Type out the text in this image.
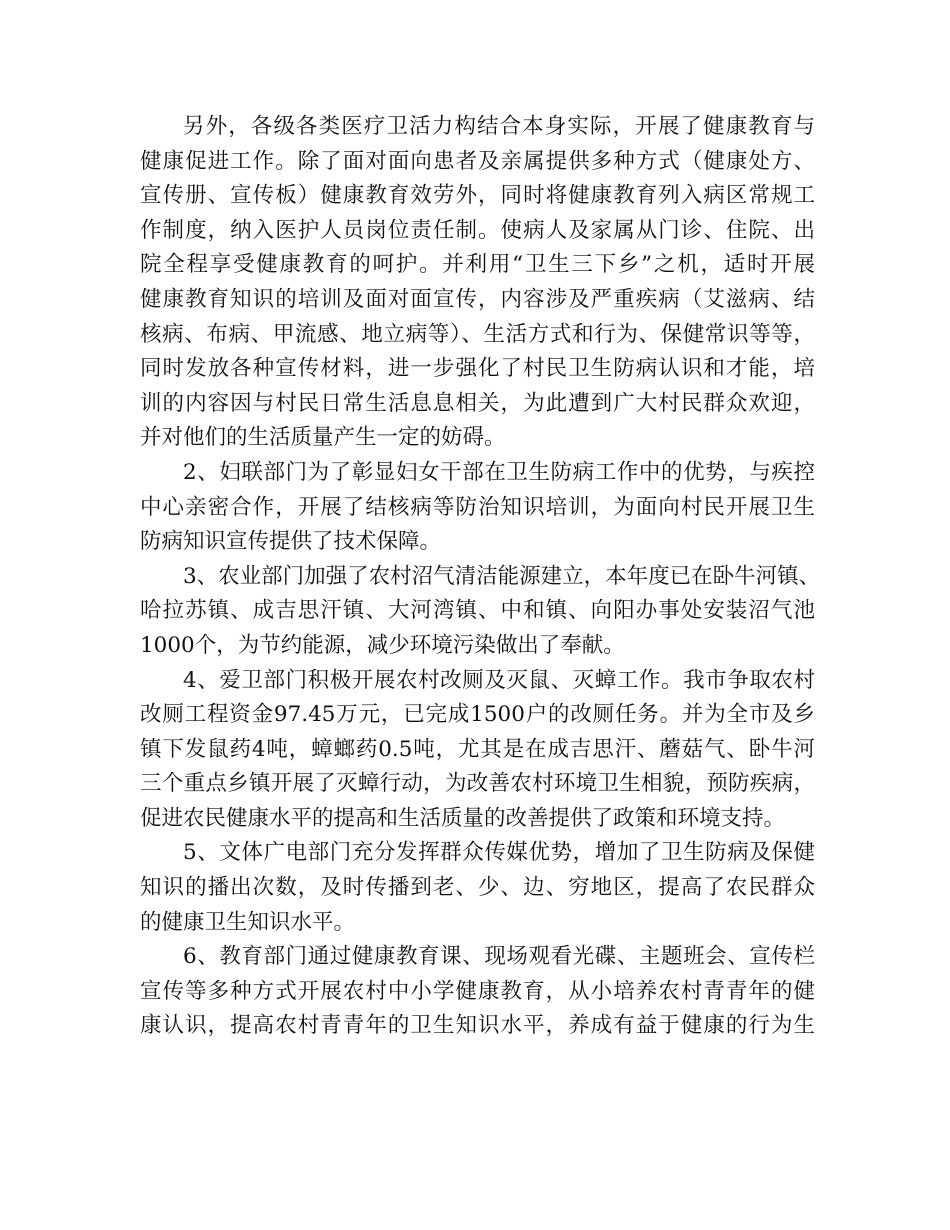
另外，各级各类医疗卫活力构结合本身实际，开展了健康教育与
健康促进工作。除了面对面向患者及亲属提供多种方式（健康处方、
宣传册、宣传板）健康教育效劳外，同时将健康教育列入病区常规工
作制度，纳入医护人员岗位责任制。使病人及家属从门诊、住院、出
院全程享受健康教育的呵护。并利用“卫生三下乡”之机，适时开展
健康教育知识的培训及面对面宣传，内容涉及严重疾病（艾滋病、结
核病、布病、甲流感、地立病等）、生活方式和行为、保健常识等等，
同时发放各种宣传材料，进一步强化了村民卫生防病认识和才能，培
训的内容因与村民日常生活息息相关，为此遭到广大村民群众欢迎，
并对他们的生活质量产生一定的妨碍。
2、妇联部门为了彰显妇女干部在卫生防病工作中的优势，与疾控
中心亲密合作，开展了结核病等防治知识培训，为面向村民开展卫生
防病知识宣传提供了技术保障。
3、农业部门加强了农村沼气清洁能源建立，本年度已在卧牛河镇、
哈拉苏镇、成吉思汗镇、大河湾镇、中和镇、向阳办事处安装沼气池
1000个，为节约能源，减少环境污染做出了奉献。
4、爱卫部门积极开展农村改厕及灭鼠、灭蟑工作。我市争取农村
改厕工程资金97.45万元，已完成1500户的改厕任务。并为全市及乡
镇下发鼠药4吨，蟑螂药0.5吨，尤其是在成吉思汗、蘑菇气、卧牛河
三个重点乡镇开展了灭蟑行动，为改善农村环境卫生相貌，预防疾病，
促进农民健康水平的提高和生活质量的改善提供了政策和环境支持。
5、文体广电部门充分发挥群众传媒优势，增加了卫生防病及保健
知识的播出次数，及时传播到老、少、边、穷地区，提高了农民群众
的健康卫生知识水平。
6、教育部门通过健康教育课、现场观看光碟、主题班会、宣传栏
宣传等多种方式开展农村中小学健康教育，从小培养农村青青年的健
康认识，提高农村青青年的卫生知识水平，养成有益于健康的行为生
